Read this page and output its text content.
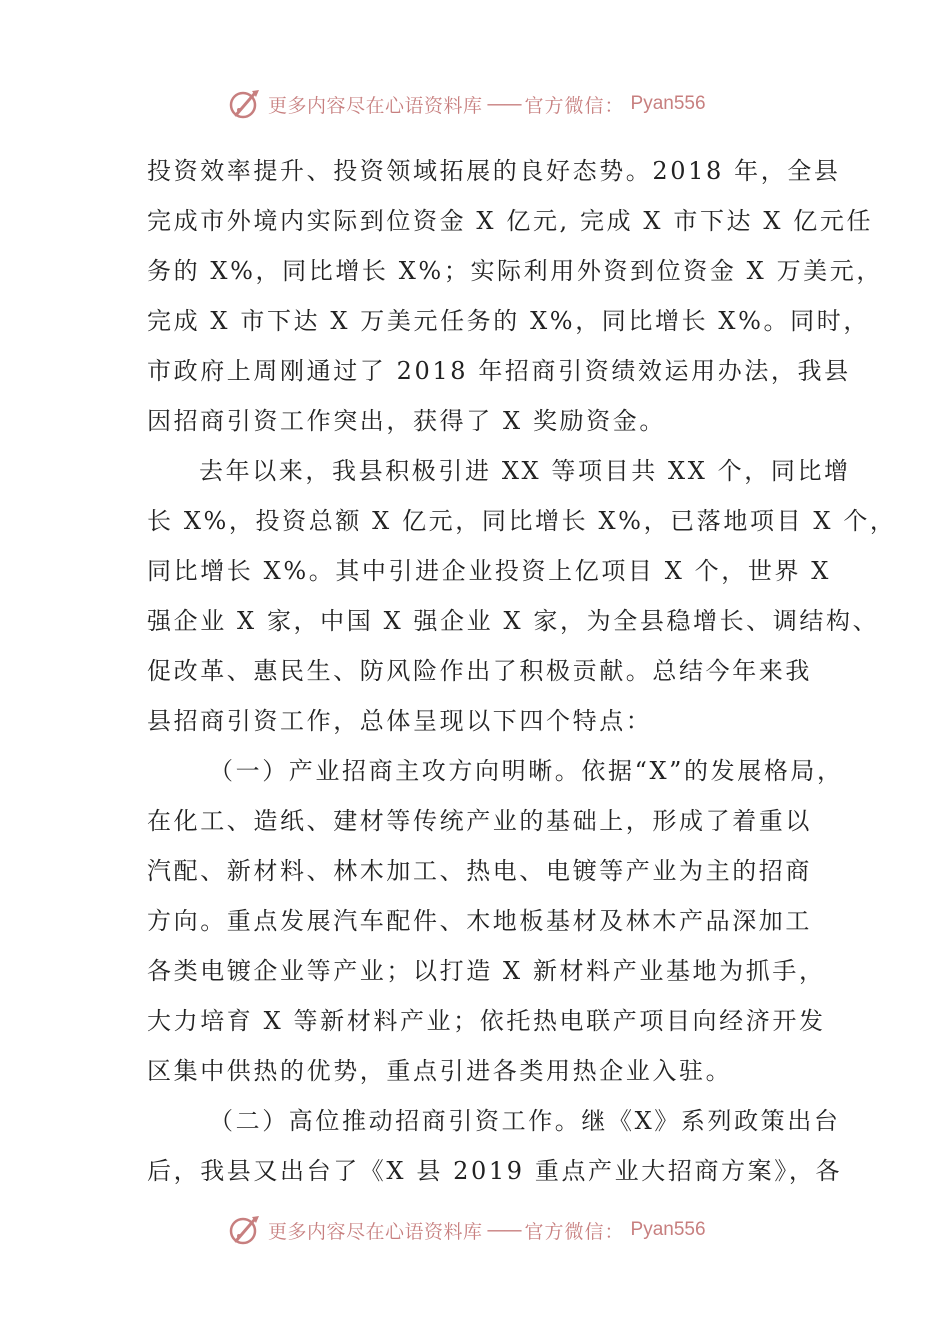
更多内容尽在心语资料库 —— 官方微信： Pyan556
投资效率提升、投资领域拓展的良好态势。2018 年，全县
完成市外境内实际到位资金 X 亿元, 完成 X 市下达 X 亿元任
务的 X%，同比增长 X%；实际利用外资到位资金 X 万美元，
完成 X 市下达 X 万美元任务的 X%，同比增长 X%。同时，
市政府上周刚通过了 2018 年招商引资绩效运用办法，我县
因招商引资工作突出，获得了 X 奖励资金。
去年以来，我县积极引进 XX 等项目共 XX 个，同比增
长 X%，投资总额 X 亿元，同比增长 X%，已落地项目 X 个，
同比增长 X%。其中引进企业投资上亿项目 X 个，世界 X
强企业 X 家，中国 X 强企业 X 家，为全县稳增长、调结构、
促改革、惠民生、防风险作出了积极贡献。总结今年来我
县招商引资工作，总体呈现以下四个特点：
（一）产业招商主攻方向明晰。依据“X”的发展格局，
在化工、造纸、建材等传统产业的基础上，形成了着重以
汽配、新材料、林木加工、热电、电镀等产业为主的招商
方向。重点发展汽车配件、木地板基材及林木产品深加工
各类电镀企业等产业；以打造 X 新材料产业基地为抓手，
大力培育 X 等新材料产业；依托热电联产项目向经济开发
区集中供热的优势，重点引进各类用热企业入驻。
（二）高位推动招商引资工作。继《X》系列政策出台
后，我县又出台了《X 县 2019 重点产业大招商方案》，各
更多内容尽在心语资料库 —— 官方微信： Pyan556
